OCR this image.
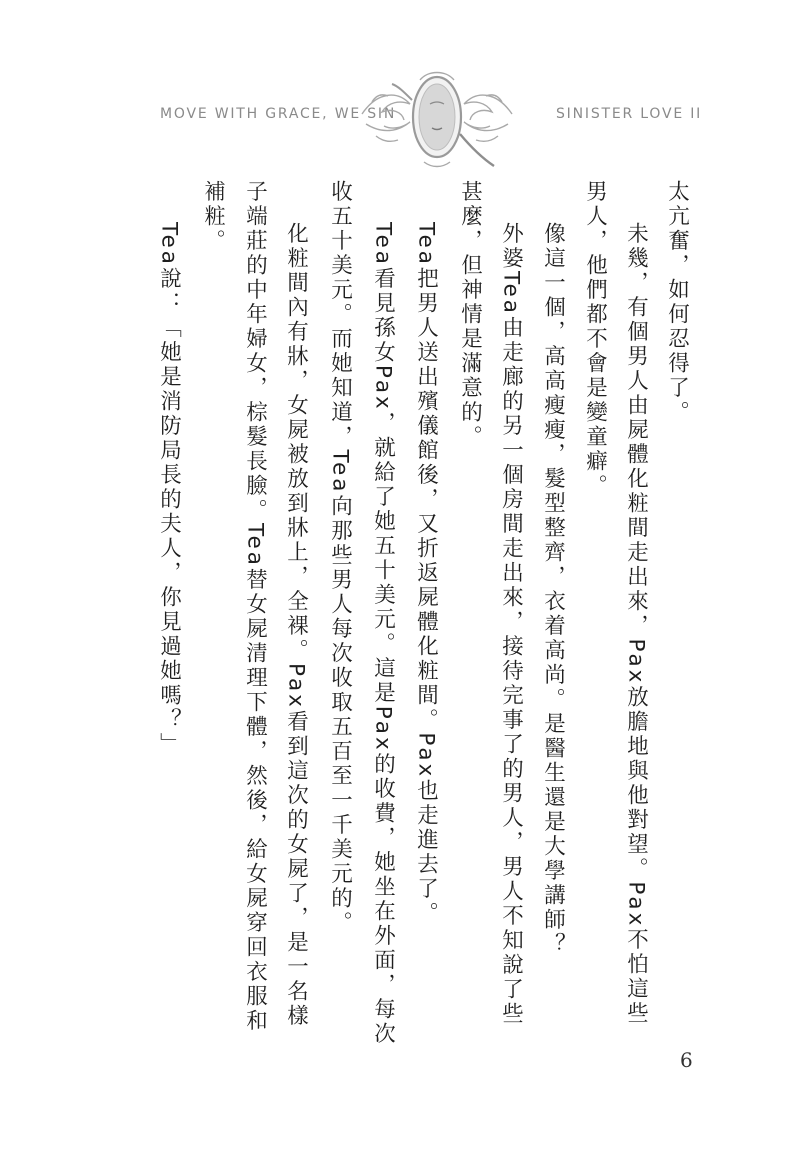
MOVE WITH GRACE, WE SIN	SINISTER LOVE II
太亢奮，如何忍得了。
未幾，有個男人由屍體化粧間走出來，Pax放膽地與他對望。Pax不怕這些
男人，他們都不會是變童癖。
像這一個，高高瘦瘦，髮型整齊，衣着高尚。是醫生還是大學講師？
外婆Tea由走廊的另一個房間走出來，接待完事了的男人，男人不知說了些
甚麼，但神情是滿意的。
Tea把男人送出殯儀館後，又折返屍體化粧間。Pax也走進去了。
Tea看見孫女Pax，就給了她五十美元。這是Pax的收費，她坐在外面，每次
收五十美元。而她知道，Tea向那些男人每次收取五百至一千美元的。
化粧間內有牀，女屍被放到牀上，全裸。Pax看到這次的女屍了，是一名樣
子端莊的中年婦女，棕髮長臉。Tea替女屍清理下體，然後，給女屍穿回衣服和
補粧。
Tea說：「她是消防局長的夫人，你見過她嗎？」
6
